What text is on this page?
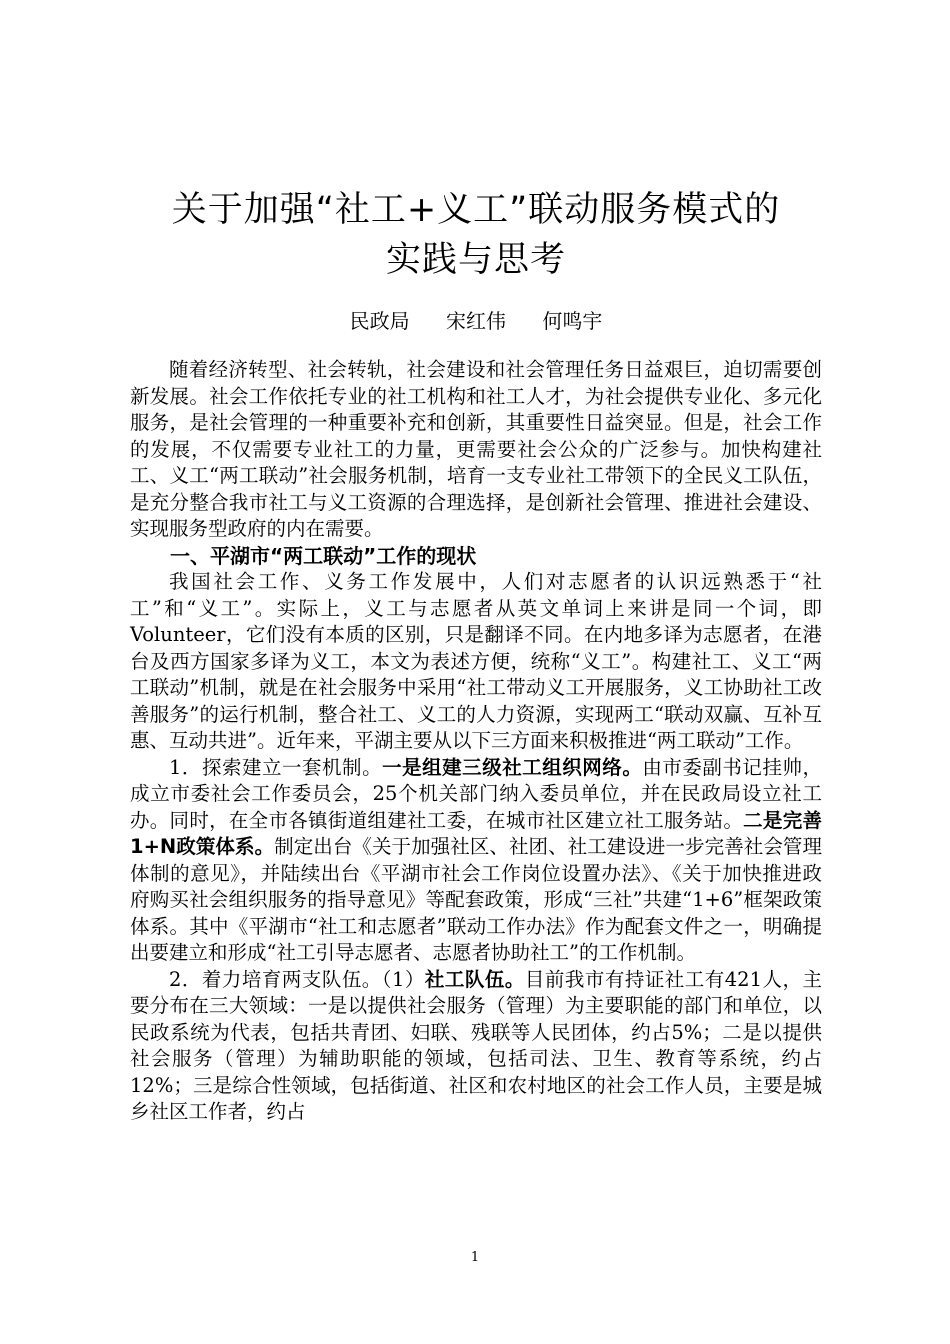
关于加强“社工+义工”联动服务模式的
实践与思考
民政局 宋红伟 何鸣宇

随着经济转型、社会转轨，社会建设和社会管理任务日益艰巨，迫切需要创新发展。社会工作依托专业的社工机构和社工人才，为社会提供专业化、多元化服务，是社会管理的一种重要补充和创新，其重要性日益突显。但是，社会工作的发展，不仅需要专业社工的力量，更需要社会公众的广泛参与。加快构建社工、义工“两工联动”社会服务机制，培育一支专业社工带领下的全民义工队伍，是充分整合我市社工与义工资源的合理选择，是创新社会管理、推进社会建设、实现服务型政府的内在需要。

一、平湖市“两工联动”工作的现状

我国社会工作、义务工作发展中，人们对志愿者的认识远熟悉于“社工”和“义工”。实际上，义工与志愿者从英文单词上来讲是同一个词，即Volunteer，它们没有本质的区别，只是翻译不同。在内地多译为志愿者，在港台及西方国家多译为义工，本文为表述方便，统称“义工”。构建社工、义工“两工联动”机制，就是在社会服务中采用“社工带动义工开展服务，义工协助社工改善服务”的运行机制，整合社工、义工的人力资源，实现两工“联动双赢、互补互惠、互动共进”。近年来，平湖主要从以下三方面来积极推进“两工联动”工作。

1．探索建立一套机制。一是组建三级社工组织网络。由市委副书记挂帅，成立市委社会工作委员会，25个机关部门纳入委员单位，并在民政局设立社工办。同时，在全市各镇街道组建社工委，在城市社区建立社工服务站。二是完善1+N政策体系。制定出台《关于加强社区、社团、社工建设进一步完善社会管理体制的意见》，并陆续出台《平湖市社会工作岗位设置办法》、《关于加快推进政府购买社会组织服务的指导意见》等配套政策，形成“三社”共建“1+6”框架政策体系。其中《平湖市“社工和志愿者”联动工作办法》作为配套文件之一，明确提出要建立和形成“社工引导志愿者、志愿者协助社工”的工作机制。

2．着力培育两支队伍。（1）社工队伍。目前我市有持证社工有421人，主要分布在三大领域：一是以提供社会服务（管理）为主要职能的部门和单位，以民政系统为代表，包括共青团、妇联、残联等人民团体，约占5%；二是以提供社会服务（管理）为辅助职能的领域，包括司法、卫生、教育等系统，约占12%；三是综合性领域，包括街道、社区和农村地区的社会工作人员，主要是城乡社区工作者，约占

1
